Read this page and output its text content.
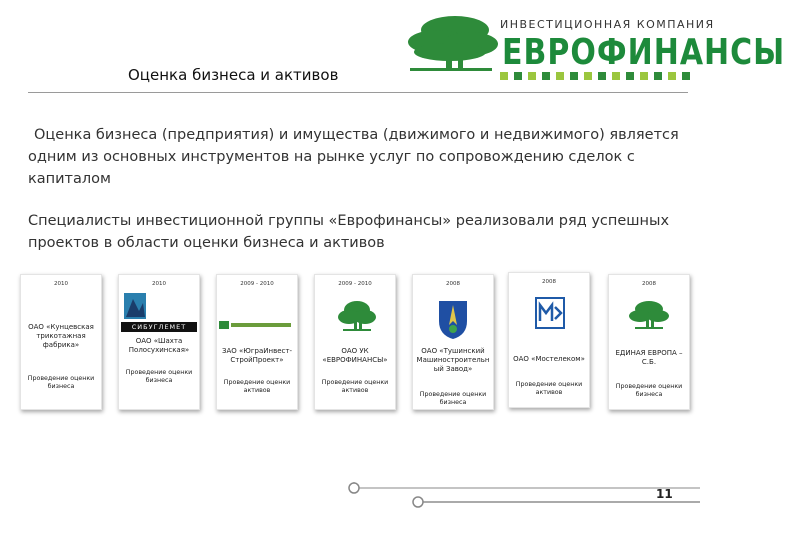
ИНВЕСТИЦИОННАЯ КОМПАНИЯ
ЕВРОФИНАНСЫ
Оценка бизнеса и активов
Оценка бизнеса (предприятия) и имущества (движимого и недвижимого) является одним из основных инструментов на рынке услуг по сопровождению сделок с капиталом
Специалисты инвестиционной группы «Еврофинансы» реализовали ряд успешных проектов в области оценки бизнеса и активов
2010
ОАО «Кунцевская трикотажная фабрика»
Проведение оценки бизнеса
2010
СИБУГЛЕМЕТ
ОАО «Шахта Полосухинская»
Проведение оценки бизнеса
2009 - 2010
ЗАО «ЮграИнвест-СтройПроект»
Проведение оценки активов
2009 - 2010
ОАО УК «ЕВРОФИНАНСЫ»
Проведение оценки активов
2008
ОАО «Тушинский Машиностроительн ый Завод»
Проведение оценки бизнеса
2008
ОАО «Мостелеком»
Проведение оценки активов
2008
ЕДИНАЯ ЕВРОПА – С.Б.
Проведение оценки бизнеса
11
